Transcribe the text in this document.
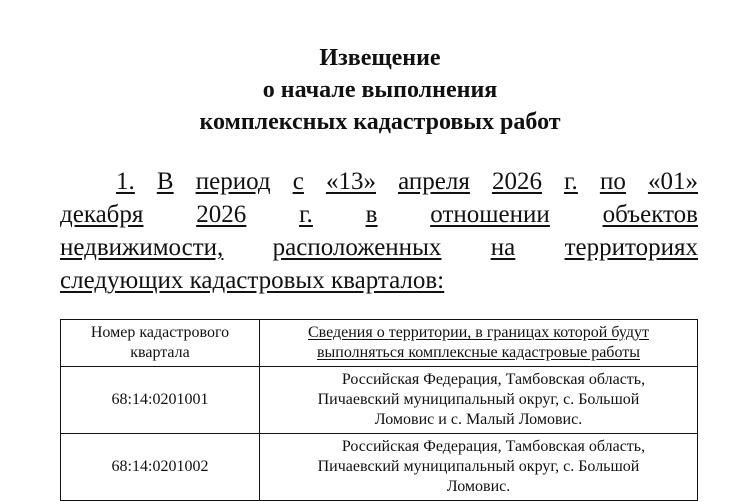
Извещение

о начале выполнения

комплексных кадастровых работ

1. В период с «13» апреля 2026 г. по «01»
декабря 2026 г. в отношении объектов
недвижимости, расположенных на территориях
следующих кадастровых кварталов:
Номер кадастрового квартала	Сведения о территории, в границах которой будут выполняться комплексные кадастровые работы
68:14:0201001	Российская Федерация, Тамбовская область,
Пичаевский муниципальный округ, с. Большой
Ломовис и с. Малый Ломовис.
68:14:0201002	Российская Федерация, Тамбовская область,
Пичаевский муниципальный округ, с. Большой
Ломовис.
